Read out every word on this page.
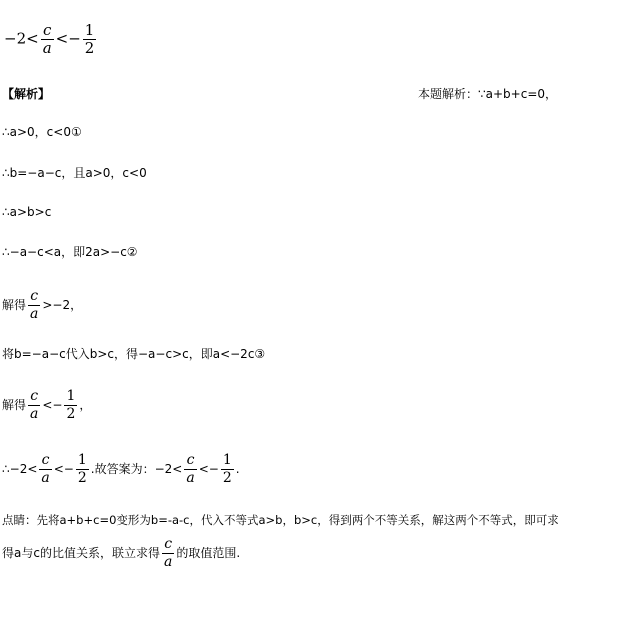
$-2< \frac{c}{a} <- \frac{1}{2}$
【解析】	本题解析：∵a+b+c=0，
∴a>0，c<0①
∴b=−a−c，且a>0，c<0
∴a>b>c
∴−a−c<a，即2a>−c②
解得 $\frac{c}{a} >-2$，
将b=−a−c代入b>c，得−a−c>c，即a<−2c③
解得 $\frac{c}{a} <- \frac{1}{2}$ ，
∴−2< $\frac{c}{a} <- \frac{1}{2}$ .故答案为：$-2< \frac{c}{a} <- \frac{1}{2}$ .
点睛：先将a+b+c=0变形为b=-a-c，代入不等式a>b，b>c，得到两个不等关系，解这两个不等式，即可求
得a与c的比值关系，联立求得 $\frac{c}{a}$ 的取值范围.
